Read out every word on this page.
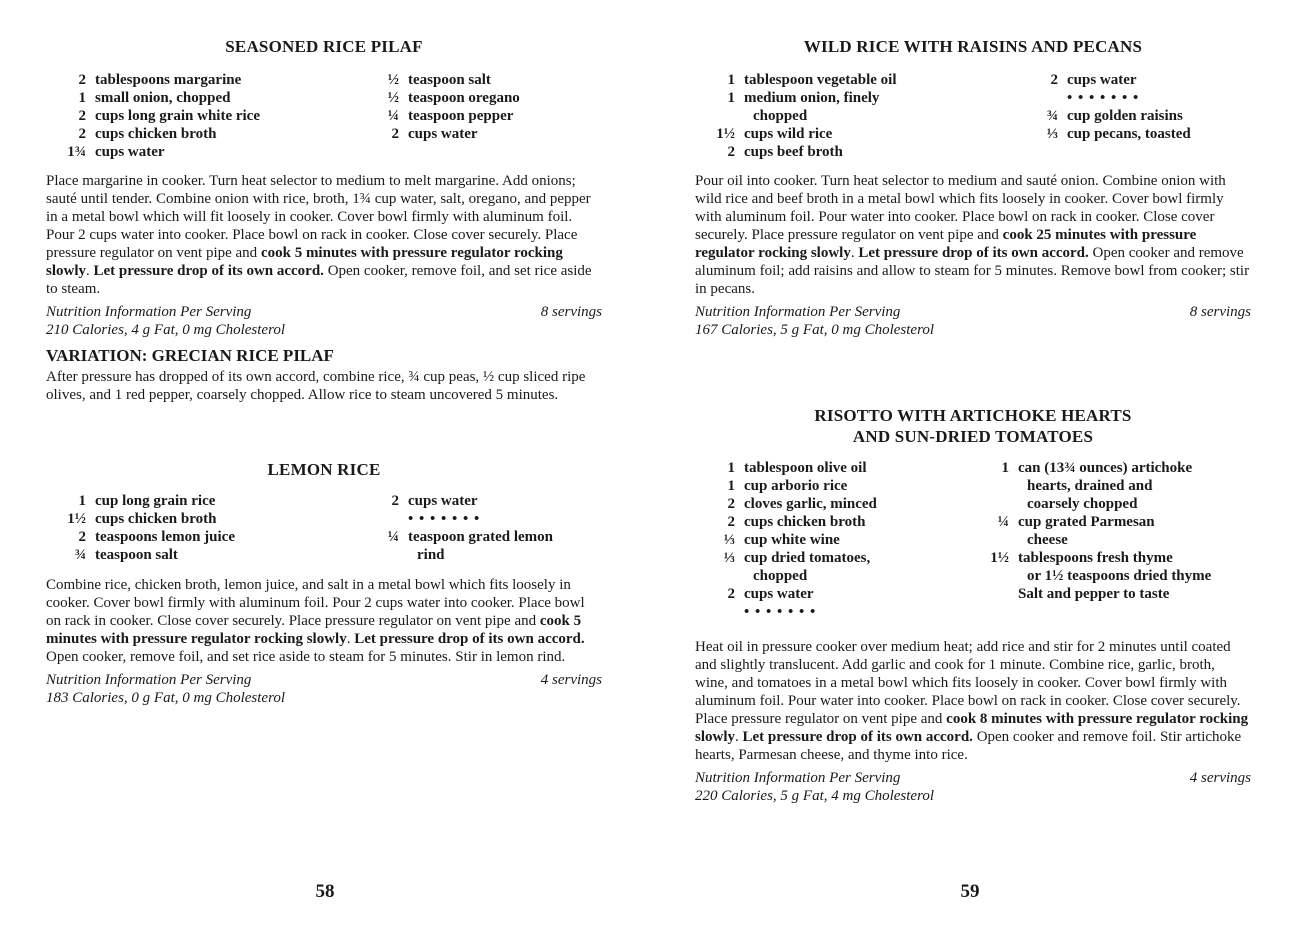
SEASONED RICE PILAF
2 tablespoons margarine
1 small onion, chopped
2 cups long grain white rice
2 cups chicken broth
1¾ cups water
½ teaspoon salt
½ teaspoon oregano
¼ teaspoon pepper
2 cups water

Place margarine in cooker. Turn heat selector to medium to melt margarine. Add onions; sauté until tender. Combine onion with rice, broth, 1¾ cup water, salt, oregano, and pepper in a metal bowl which will fit loosely in cooker. Cover bowl firmly with aluminum foil. Pour 2 cups water into cooker. Place bowl on rack in cooker. Close cover securely. Place pressure regulator on vent pipe and cook 5 minutes with pressure regulator rocking slowly. Let pressure drop of its own accord. Open cooker, remove foil, and set rice aside to steam.

Nutrition Information Per Serving	8 servings
210 Calories, 4 g Fat, 0 mg Cholesterol
VARIATION: GRECIAN RICE PILAF

After pressure has dropped of its own accord, combine rice, ¾ cup peas, ½ cup sliced ripe olives, and 1 red pepper, coarsely chopped. Allow rice to steam uncovered 5 minutes.

LEMON RICE
1 cup long grain rice
1½ cups chicken broth
2 teaspoons lemon juice
¾ teaspoon salt
2 cups water
• • • • • • •
¼ teaspoon grated lemon
rind

Combine rice, chicken broth, lemon juice, and salt in a metal bowl which fits loosely in cooker. Cover bowl firmly with aluminum foil. Pour 2 cups water into cooker. Place bowl on rack in cooker. Close cover securely. Place pressure regulator on vent pipe and cook 5 minutes with pressure regulator rocking slowly. Let pressure drop of its own accord. Open cooker, remove foil, and set rice aside to steam for 5 minutes. Stir in lemon rind.

Nutrition Information Per Serving	4 servings
183 Calories, 0 g Fat, 0 mg Cholesterol
58
WILD RICE WITH RAISINS AND PECANS
1 tablespoon vegetable oil
1 medium onion, finely
chopped
1½ cups wild rice
2 cups beef broth
2 cups water
• • • • • • •
¾ cup golden raisins
⅓ cup pecans, toasted

Pour oil into cooker. Turn heat selector to medium and sauté onion. Combine onion with wild rice and beef broth in a metal bowl which fits loosely in cooker. Cover bowl firmly with aluminum foil. Pour water into cooker. Place bowl on rack in cooker. Close cover securely. Place pressure regulator on vent pipe and cook 25 minutes with pressure regulator rocking slowly. Let pressure drop of its own accord. Open cooker and remove aluminum foil; add raisins and allow to steam for 5 minutes. Remove bowl from cooker; stir in pecans.

Nutrition Information Per Serving	8 servings
167 Calories, 5 g Fat, 0 mg Cholesterol
RISOTTO WITH ARTICHOKE HEARTS
AND SUN-DRIED TOMATOES
1 tablespoon olive oil
1 cup arborio rice
2 cloves garlic, minced
2 cups chicken broth
⅓ cup white wine
⅓ cup dried tomatoes,
chopped
2 cups water
• • • • • • •
1 can (13¾ ounces) artichoke
hearts, drained and
coarsely chopped
¼ cup grated Parmesan
cheese
1½ tablespoons fresh thyme
or 1½ teaspoons dried thyme
Salt and pepper to taste

Heat oil in pressure cooker over medium heat; add rice and stir for 2 minutes until coated and slightly translucent. Add garlic and cook for 1 minute. Combine rice, garlic, broth, wine, and tomatoes in a metal bowl which fits loosely in cooker. Cover bowl firmly with aluminum foil. Pour water into cooker. Place bowl on rack in cooker. Close cover securely. Place pressure regulator on vent pipe and cook 8 minutes with pressure regulator rocking slowly. Let pressure drop of its own accord. Open cooker and remove foil. Stir artichoke hearts, Parmesan cheese, and thyme into rice.

Nutrition Information Per Serving	4 servings
220 Calories, 5 g Fat, 4 mg Cholesterol
59
